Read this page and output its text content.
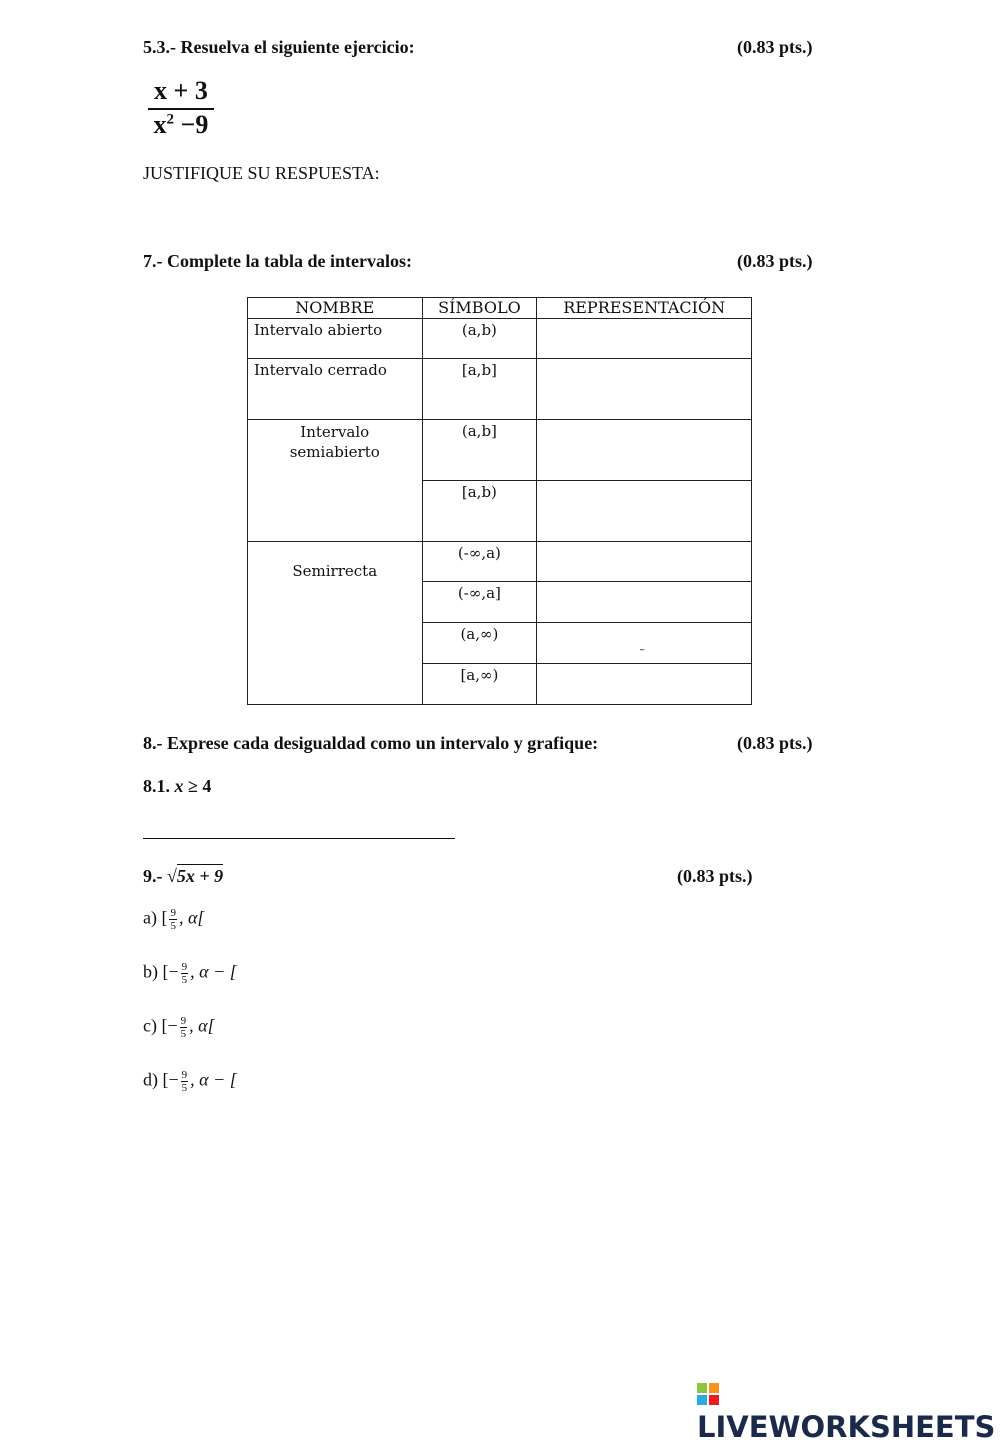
5.3.- Resuelva el siguiente ejercicio:	(0.83 pts.)
$\frac{x + 3}{x^2 -9}$
JUSTIFIQUE SU RESPUESTA:
7.- Complete la tabla de intervalos:	(0.83 pts.)
NOMBRE	SÍMBOLO	REPRESENTACIÓN
Intervalo abierto	(a,b)	
Intervalo cerrado	[a,b]	

Intervalo semiabierto	(a,b]	
	[a,b)	
Semirrecta	(-∞,a)	
	(-∞,a]	
	(a,∞)	–

	[a,∞)	
8.- Exprese cada desigualdad como un intervalo y grafique:	(0.83 pts.)
8.1. x ≥ 4
9.- √5x + 9	(0.83 pts.)
a) [ $\frac{9}{5}$ , α[
b) [− $\frac{9}{5}$ , α − [
c) [− $\frac{9}{5}$ , α[
d) [− $\frac{9}{5}$ , α − [
LIVEWORKSHEETS
